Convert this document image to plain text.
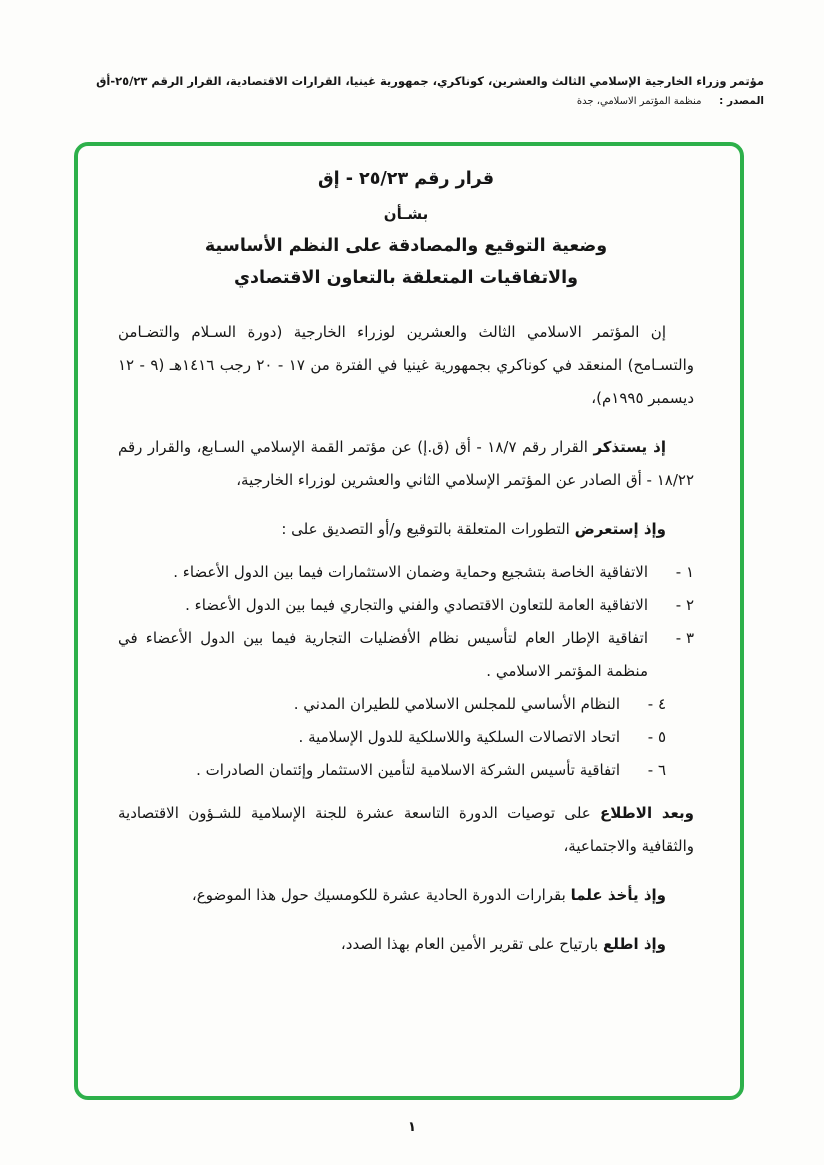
مؤتمر وزراء الخارجية الإسلامي الثالث والعشرين، كوناكري، جمهورية غينيا، القرارات الاقتصادية، القرار الرقم ٢٥/٢٣-أق
المصدر : منظمة المؤتمر الاسلامي، جدة
قرار رقم ٢٥/٢٣ - إق
بشـأن
وضعية التوقيع والمصادقة على النظم الأساسية
والاتفاقيات المتعلقة بالتعاون الاقتصادي

إن المؤتمر الاسلامي الثالث والعشرين لوزراء الخارجية (دورة السـلام والتضـامن والتسـامح) المنعقد في كوناكري بجمهورية غينيا في الفترة من ١٧ - ٢٠ رجب ١٤١٦هـ (٩ - ١٢ ديسمبر ١٩٩٥م)،

إذ يستذكر القرار رقم ١٨/٧ - أق (ق.إ) عن مؤتمر القمة الإسلامي السـابع، والقرار رقم ١٨/٢٢ - أق الصادر عن المؤتمر الإسلامي الثاني والعشرين لوزراء الخارجية،

وإذ إستعرض التطورات المتعلقة بالتوقيع و/أو التصديق على :

١ -
الاتفاقية الخاصة بتشجيع وحماية وضمان الاستثمارات فيما بين الدول الأعضاء .
٢ -
الاتفاقية العامة للتعاون الاقتصادي والفني والتجاري فيما بين الدول الأعضاء .
٣ -
اتفاقية الإطار العام لتأسيس نظام الأفضليات التجارية فيما بين الدول الأعضاء في منظمة المؤتمر الاسلامي .
٤ -
النظام الأساسي للمجلس الاسلامي للطيران المدني .
٥ -
اتحاد الاتصالات السلكية واللاسلكية للدول الإسلامية .
٦ -
اتفاقية تأسيس الشركة الاسلامية لتأمين الاستثمار وإئتمان الصادرات .

وبعد الاطلاع على توصيات الدورة التاسعة عشرة للجنة الإسلامية للشـؤون الاقتصادية والثقافية والاجتماعية،

وإذ يأخذ علما بقرارات الدورة الحادية عشرة للكومسيك حول هذا الموضوع،

وإذ اطلع بارتياح على تقرير الأمين العام بهذا الصدد،

١
